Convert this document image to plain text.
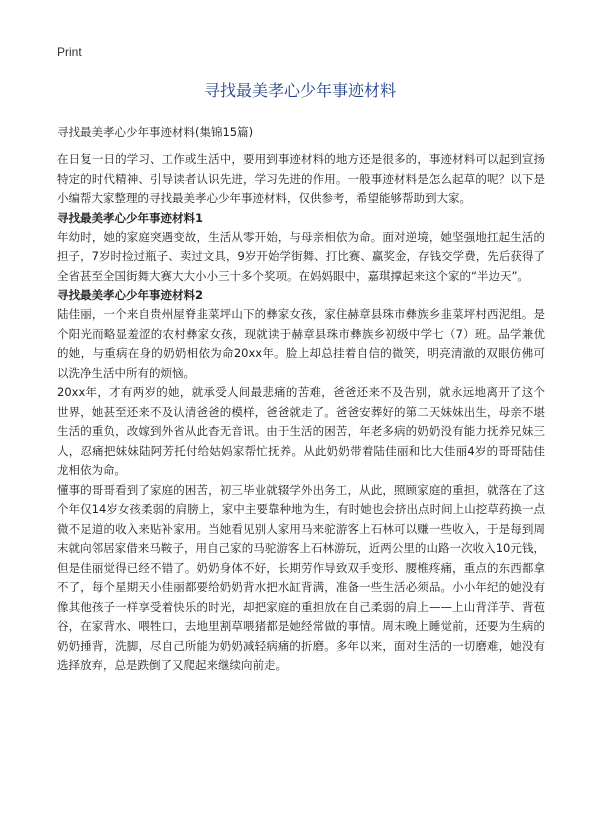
Print
寻找最美孝心少年事迹材料
寻找最美孝心少年事迹材料(集锦15篇)

在日复一日的学习、工作或生活中，要用到事迹材料的地方还是很多的，事迹材料可以起到宣扬特定的时代精神、引导读者认识先进，学习先进的作用。一般事迹材料是怎么起草的呢？以下是小编帮大家整理的寻找最美孝心少年事迹材料，仅供参考，希望能够帮助到大家。

寻找最美孝心少年事迹材料1

年幼时，她的家庭突遇变故，生活从零开始，与母亲相依为命。面对逆境，她坚强地扛起生活的担子，7岁时捡过瓶子、卖过文具，9岁开始学街舞、打比赛、赢奖金，存钱交学费，先后获得了全省甚至全国街舞大赛大大小小三十多个奖项。在妈妈眼中，嘉琪撑起来这个家的“半边天”。

寻找最美孝心少年事迹材料2

陆佳丽，一个来自贵州屋脊韭菜坪山下的彝家女孩，家住赫章县珠市彝族乡韭菜坪村西泥组。是个阳光而略显羞涩的农村彝家女孩，现就读于赫章县珠市彝族乡初级中学七（7）班。品学兼优的她，与重病在身的奶奶相依为命20xx年。脸上却总挂着自信的微笑，明亮清澈的双眼仿佛可以洗净生活中所有的烦恼。

20xx年，才有两岁的她，就承受人间最悲痛的苦难，爸爸还来不及告别，就永远地离开了这个世界，她甚至还来不及认清爸爸的模样，爸爸就走了。爸爸安葬好的第二天妹妹出生，母亲不堪生活的重负，改嫁到外省从此杳无音讯。由于生活的困苦，年老多病的奶奶没有能力抚养兄妹三人，忍痛把妹妹陆阿芳托付给姑妈家帮忙抚养。从此奶奶带着陆佳丽和比大佳丽4岁的哥哥陆佳龙相依为命。

懂事的哥哥看到了家庭的困苦，初三毕业就辍学外出务工，从此，照顾家庭的重担，就落在了这个年仅14岁女孩柔弱的肩膀上，家中主要靠种地为生，有时她也会挤出点时间上山挖草药换一点微不足道的收入来贴补家用。当她看见别人家用马来驼游客上石林可以赚一些收入，于是每到周末就向邻居家借来马鞍子，用自己家的马驼游客上石林游玩，近两公里的山路一次收入10元钱，但是佳丽觉得已经不错了。奶奶身体不好，长期劳作导致双手变形、腰椎疼痛，重点的东西都拿不了，每个星期天小佳丽都要给奶奶背水把水缸背满，准备一些生活必须品。小小年纪的她没有像其他孩子一样享受着快乐的时光，却把家庭的重担放在自己柔弱的肩上——上山背洋芋、背苞谷，在家背水、喂牲口，去地里割草喂猪都是她经常做的事情。周末晚上睡觉前，还要为生病的奶奶捶背，洗脚，尽自己所能为奶奶减轻病痛的折磨。多年以来，面对生活的一切磨难，她没有选择放弃，总是跌倒了又爬起来继续向前走。
